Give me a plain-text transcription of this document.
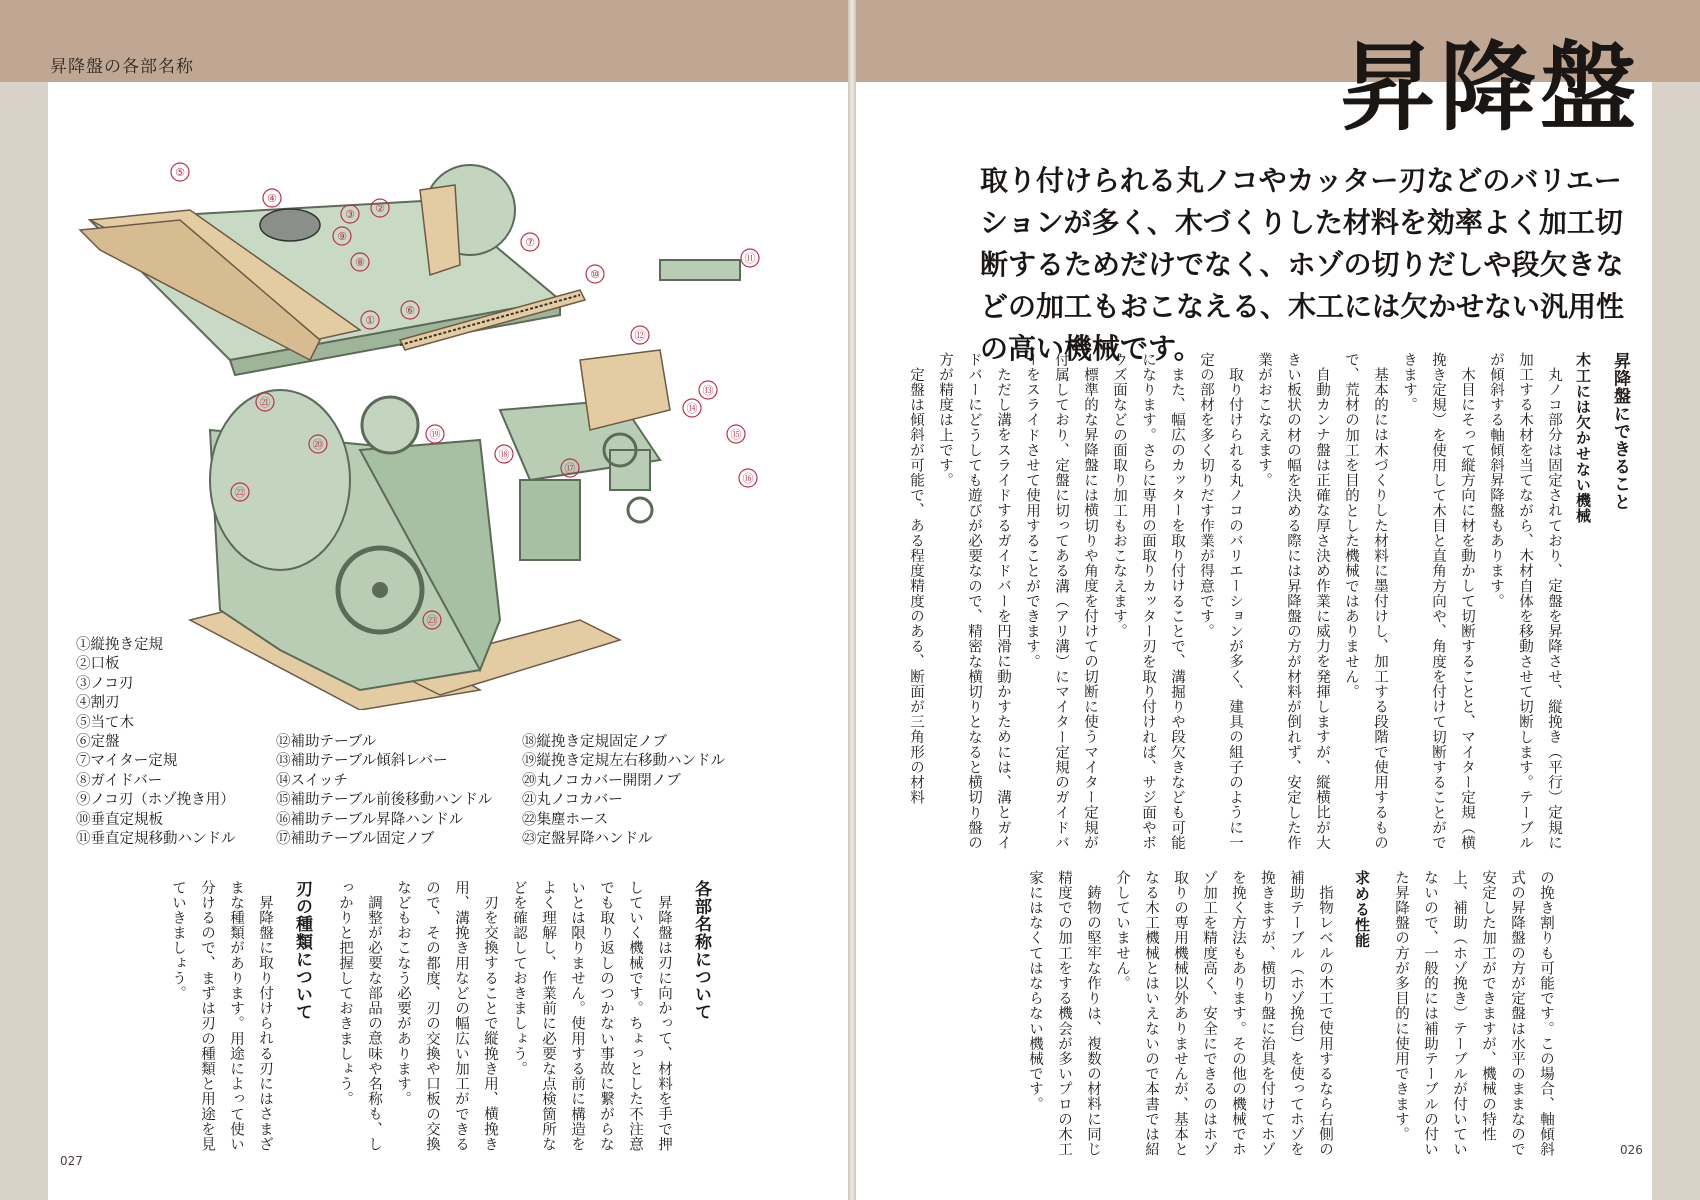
昇降盤の各部名称	昇降盤
取り付けられる丸ノコやカッター刃などのバリエーションが多く、木づくりした材料を効率よく加工切断するためだけでなく、ホゾの切りだしや段欠きなどの加工もおこなえる、木工には欠かせない汎用性の高い機械です。
①
②
③
④
⑤
⑥
⑦
⑧
⑨
⑩
⑪
⑫
⑬
⑭
⑮
⑯
⑰
⑱
⑲
⑳
㉑
㉒
㉓
①縦挽き定規
②口板
③ノコ刃
④割刃
⑤当て木
⑥定盤
⑦マイター定規
⑧ガイドバー
⑨ノコ刃（ホゾ挽き用）
⑩垂直定規板
⑪垂直定規移動ハンドル
⑫補助テーブル
⑬補助テーブル傾斜レバー
⑭スイッチ
⑮補助テーブル前後移動ハンドル
⑯補助テーブル昇降ハンドル
⑰補助テーブル固定ノブ
⑱縦挽き定規固定ノブ
⑲縦挽き定規左右移動ハンドル
⑳丸ノコカバー開閉ノブ
㉑丸ノコカバー
㉒集塵ホース
㉓定盤昇降ハンドル
各部名称について

昇降盤は刃に向かって、材料を手で押していく機械です。ちょっとした不注意でも取り返しのつかない事故に繋がらないとは限りません。使用する前に構造をよく理解し、作業前に必要な点検箇所などを確認しておきましょう。

刃を交換することで縦挽き用、横挽き用、溝挽き用などの幅広い加工ができるので、その都度、刃の交換や口板の交換などもおこなう必要があります。

調整が必要な部品の意味や名称も、しっかりと把握しておきましょう。

刃の種類について

昇降盤に取り付けられる刃にはさまざまな種類があります。用途によって使い分けるので、まずは刃の種類と用途を見ていきましょう。

昇降盤にできること
木工には欠かせない機械

丸ノコ部分は固定されており、定盤を昇降させ、縦挽き（平行）定規に加工する木材を当てながら、木材自体を移動させて切断します。テーブルが傾斜する軸傾斜昇降盤もあります。

木目にそって縦方向に材を動かして切断することと、マイター定規（横挽き定規）を使用して木目と直角方向や、角度を付けて切断することができます。

基本的には木づくりした材料に墨付けし、加工する段階で使用するもので、荒材の加工を目的とした機械ではありません。

自動カンナ盤は正確な厚さ決め作業に威力を発揮しますが、縦横比が大きい板状の材の幅を決める際には昇降盤の方が材料が倒れず、安定した作業がおこなえます。

取り付けられる丸ノコのバリエーションが多く、建具の組子のように一定の部材を多く切りだす作業が得意です。

また、幅広のカッターを取り付けることで、溝掘りや段欠きなども可能になります。さらに専用の面取りカッター刃を取り付ければ、サジ面やボウズ面などの面取り加工もおこなえます。

標準的な昇降盤には横切りや角度を付けての切断に使うマイター定規が付属しており、定盤に切ってある溝（アリ溝）にマイター定規のガイドバーをスライドさせて使用することができます。

ただし溝をスライドするガイドバーを円滑に動かすためには、溝とガイドバーにどうしても遊びが必要なので、精密な横切りとなると横切り盤の方が精度は上です。

定盤は傾斜が可能で、ある程度精度のある、断面が三角形の材料

の挽き割りも可能です。この場合、軸傾斜式の昇降盤の方が定盤は水平のままなので安定した加工ができますが、機械の特性上、補助（ホゾ挽き）テーブルが付いていないので、一般的には補助テーブルの付いた昇降盤の方が多目的に使用できます。

求める性能

指物レベルの木工で使用するなら右側の補助テーブル（ホゾ挽台）を使ってホゾを挽きますが、横切り盤に治具を付けてホゾを挽く方法もあります。その他の機械でホゾ加工を精度高く、安全にできるのはホゾ取りの専用機械以外ありませんが、基本となる木工機械とはいえないので本書では紹介していません。

鋳物の堅牢な作りは、複数の材料に同じ精度での加工をする機会が多いプロの木工家にはなくてはならない機械です。

027
026
